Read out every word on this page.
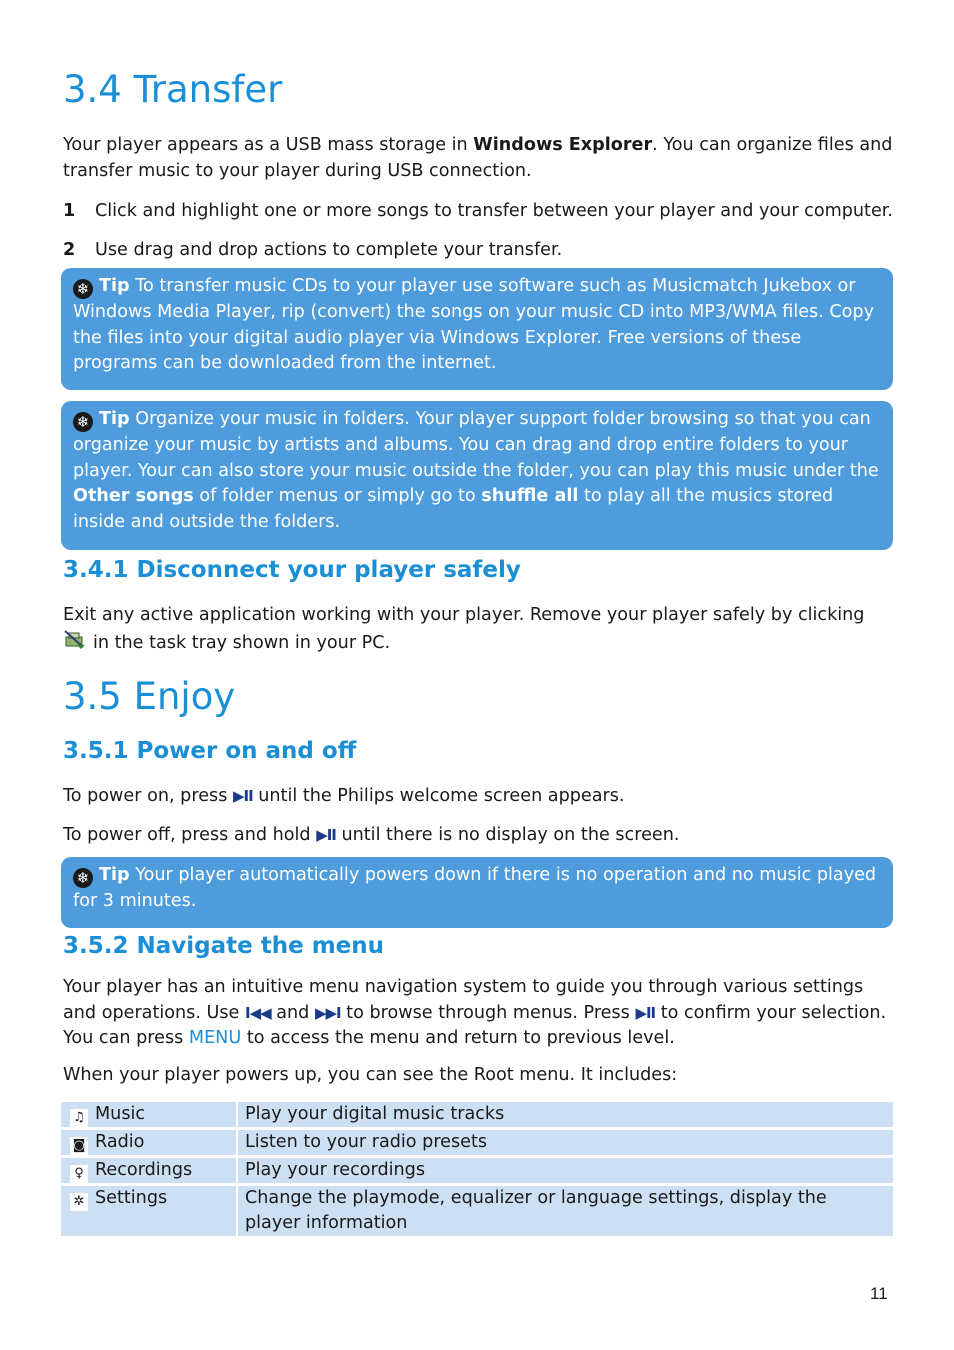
3.4 Transfer

Your player appears as a USB mass storage in Windows Explorer. You can organize files and transfer music to your player during USB connection.

1 Click and highlight one or more songs to transfer between your player and your computer.
2 Use drag and drop actions to complete your transfer.
❄ Tip To transfer music CDs to your player use software such as Musicmatch Jukebox or Windows Media Player, rip (convert) the songs on your music CD into MP3/WMA files. Copy the files into your digital audio player via Windows Explorer. Free versions of these programs can be downloaded from the internet.
❄ Tip Organize your music in folders. Your player support folder browsing so that you can organize your music by artists and albums. You can drag and drop entire folders to your player. Your can also store your music outside the folder, you can play this music under the Other songs of folder menus or simply go to shuffle all to play all the musics stored inside and outside the folders.
3.4.1 Disconnect your player safely

Exit any active application working with your player. Remove your player safely by clicking
in the task tray shown in your PC.

3.5 Enjoy
3.5.1 Power on and off

To power on, press ▶II until the Philips welcome screen appears.

To power off, press and hold ▶II until there is no display on the screen.

❄ Tip Your player automatically powers down if there is no operation and no music played for 3 minutes.
3.5.2 Navigate the menu

Your player has an intuitive menu navigation system to guide you through various settings and operations. Use I◀◀ and ▶▶I to browse through menus. Press ▶II to confirm your selection. You can press MENU to access the menu and return to previous level.

When your player powers up, you can see the Root menu. It includes:

♫ Music	Play your digital music tracks
◙ Radio	Listen to your radio presets
♀ Recordings	Play your recordings
✲ Settings	Change the playmode, equalizer or language settings, display the player information
11
